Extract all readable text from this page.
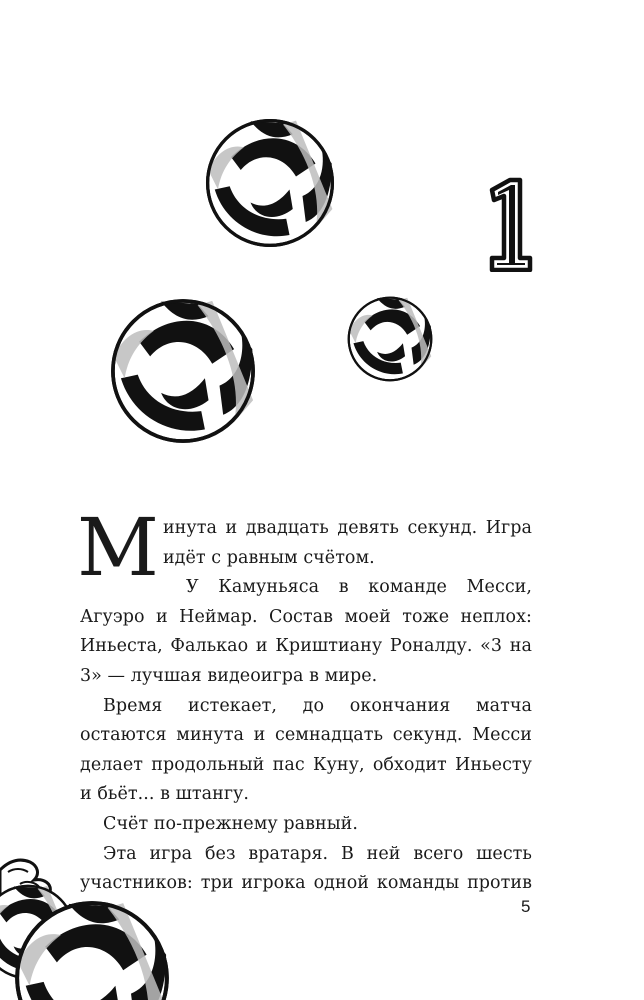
Минута и двадцать девять секунд. Игра идёт с равным счётом.

У Камуньяса в команде Месси, Агуэро и Неймар. Состав моей тоже неплох: Иньеста, Фалькао и Криштиану Роналду. «3 на 3» — лучшая видеоигра в мире.

Время истекает, до окончания матча остаются минута и семнадцать секунд. Месси делает продольный пас Куну, обходит Иньесту и бьёт... в штангу.

Счёт по-прежнему равный.

Эта игра без вратаря. В ней всего шесть участников: три игрока одной команды против

5
